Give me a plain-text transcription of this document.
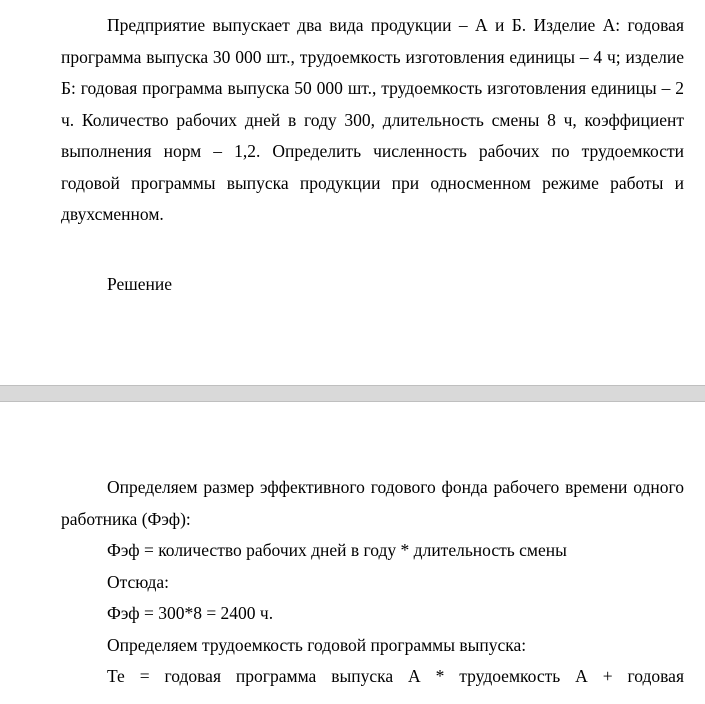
Предприятие выпускает два вида продукции – А и Б. Изделие А: годовая программа выпуска 30 000 шт., трудоемкость изготовления единицы – 4 ч; изделие Б: годовая программа выпуска 50 000 шт., трудоемкость изготовления единицы – 2 ч. Количество рабочих дней в году 300, длительность смены 8 ч, коэффициент выполнения норм – 1,2. Определить численность рабочих по трудоемкости годовой программы выпуска продукции при односменном режиме работы и двухсменном.

Решение

Определяем размер эффективного годового фонда рабочего времени одного работника (Фэф):

Фэф = количество рабочих дней в году * длительность смены

Отсюда:

Фэф = 300*8 = 2400 ч.

Определяем трудоемкость годовой программы выпуска:

Те = годовая программа выпуска А * трудоемкость А + годовая
